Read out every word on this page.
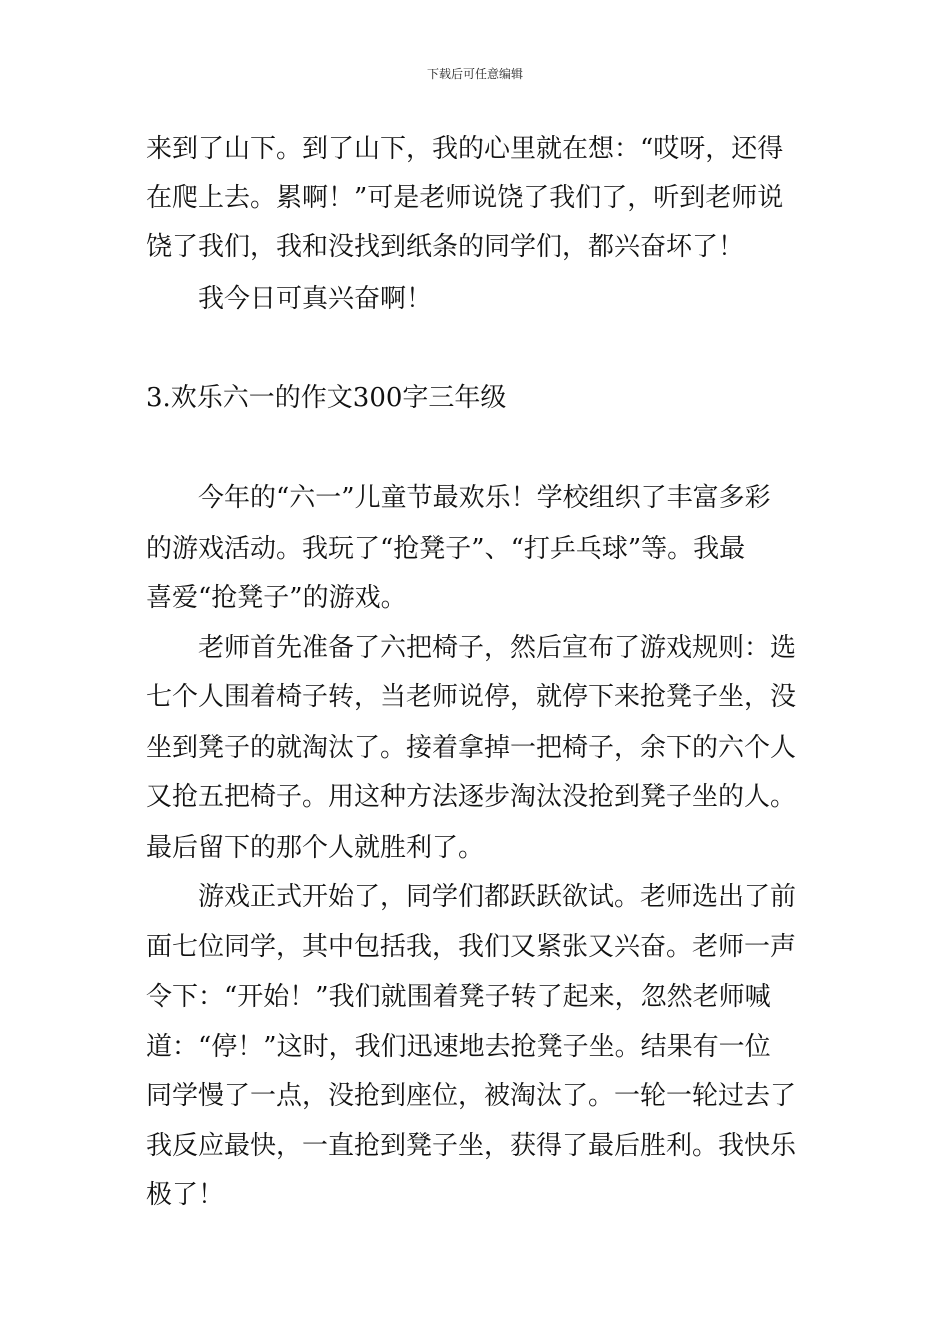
下载后可任意编辑
来到了山下。到了山下，我的心里就在想：“哎呀，还得
在爬上去。累啊！”可是老师说饶了我们了，听到老师说
饶了我们，我和没找到纸条的同学们，都兴奋坏了！
我今日可真兴奋啊！
3.欢乐六一的作文300字三年级
今年的“六一”儿童节最欢乐！学校组织了丰富多彩
的游戏活动。我玩了“抢凳子”、“打乒乓球”等。我最
喜爱“抢凳子”的游戏。
老师首先准备了六把椅子，然后宣布了游戏规则：选
七个人围着椅子转，当老师说停，就停下来抢凳子坐，没
坐到凳子的就淘汰了。接着拿掉一把椅子，余下的六个人
又抢五把椅子。用这种方法逐步淘汰没抢到凳子坐的人。
最后留下的那个人就胜利了。
游戏正式开始了，同学们都跃跃欲试。老师选出了前
面七位同学，其中包括我，我们又紧张又兴奋。老师一声
令下：“开始！”我们就围着凳子转了起来，忽然老师喊
道：“停！”这时，我们迅速地去抢凳子坐。结果有一位
同学慢了一点，没抢到座位，被淘汰了。一轮一轮过去了
我反应最快，一直抢到凳子坐，获得了最后胜利。我快乐
极了！
